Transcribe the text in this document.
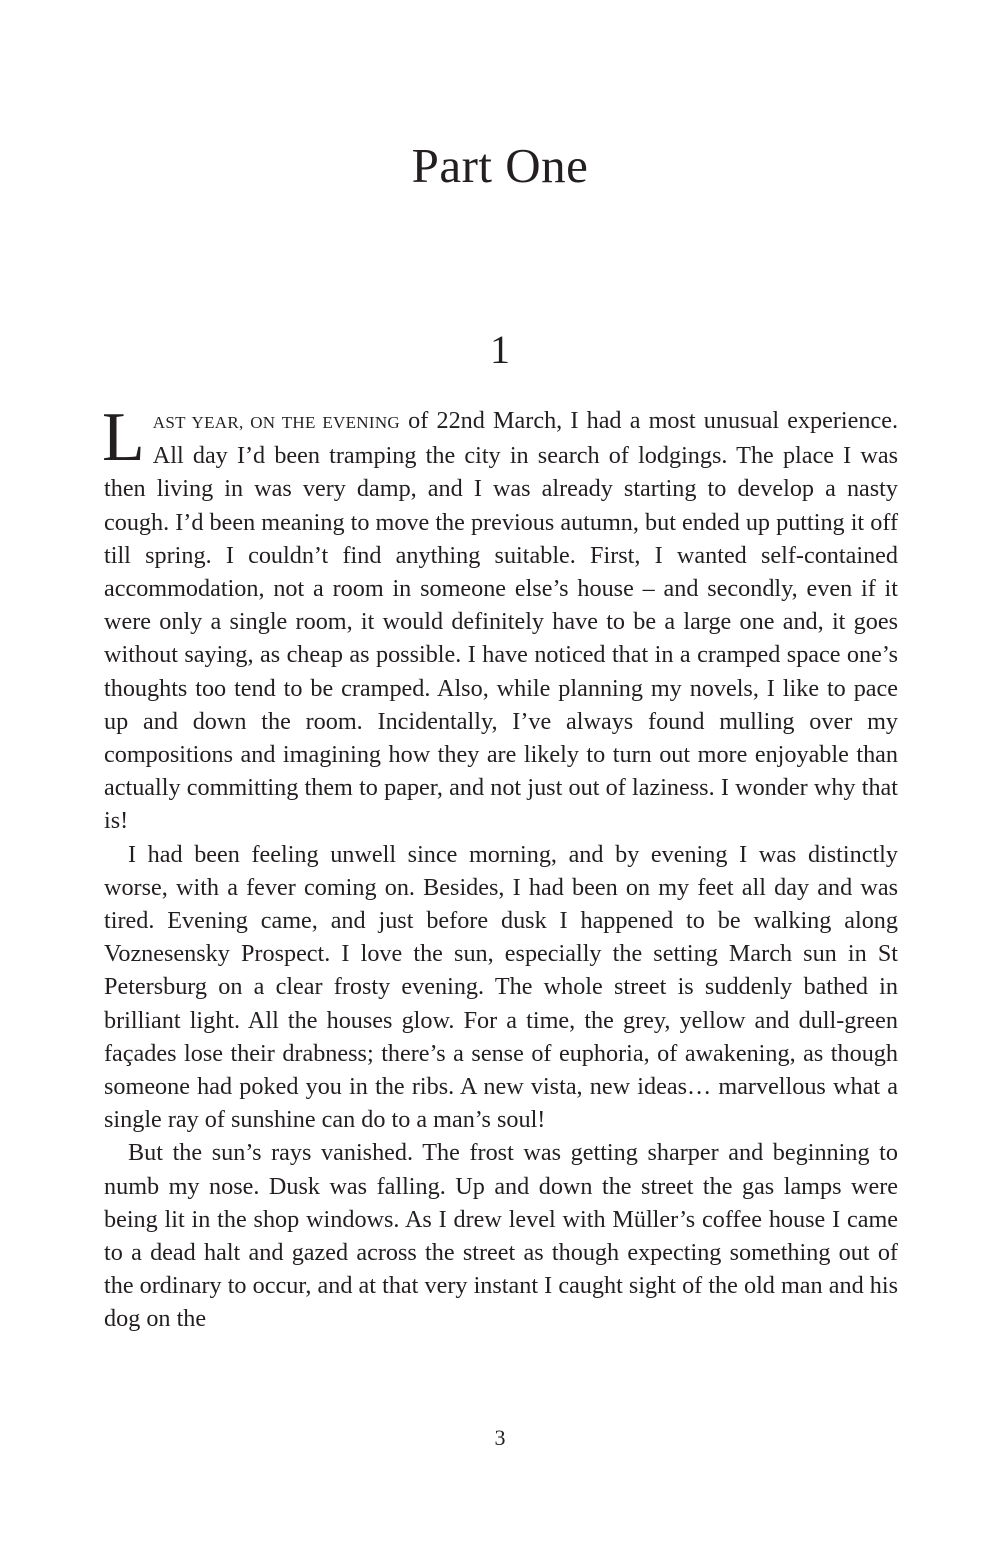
Part One
1

LAST YEAR, ON THE EVENING of 22nd March, I had a most unusual experience. All day I’d been tramping the city in search of lodgings. The place I was then living in was very damp, and I was already starting to develop a nasty cough. I’d been meaning to move the previous autumn, but ended up putting it off till spring. I couldn’t find anything suitable. First, I wanted self-contained accommodation, not a room in someone else’s house – and secondly, even if it were only a single room, it would definitely have to be a large one and, it goes without saying, as cheap as possible. I have noticed that in a cramped space one’s thoughts too tend to be cramped. Also, while planning my novels, I like to pace up and down the room. Incidentally, I’ve always found mulling over my compositions and imagining how they are likely to turn out more enjoyable than actually committing them to paper, and not just out of laziness. I wonder why that is!

I had been feeling unwell since morning, and by evening I was distinctly worse, with a fever coming on. Besides, I had been on my feet all day and was tired. Evening came, and just before dusk I happened to be walking along Voznesensky Prospect. I love the sun, especially the setting March sun in St Petersburg on a clear frosty evening. The whole street is suddenly bathed in brilliant light. All the houses glow. For a time, the grey, yellow and dull-green façades lose their drabness; there’s a sense of euphoria, of awakening, as though someone had poked you in the ribs. A new vista, new ideas… marvellous what a single ray of sunshine can do to a man’s soul!

But the sun’s rays vanished. The frost was getting sharper and beginning to numb my nose. Dusk was falling. Up and down the street the gas lamps were being lit in the shop windows. As I drew level with Müller’s coffee house I came to a dead halt and gazed across the street as though expecting something out of the ordinary to occur, and at that very instant I caught sight of the old man and his dog on the

3
